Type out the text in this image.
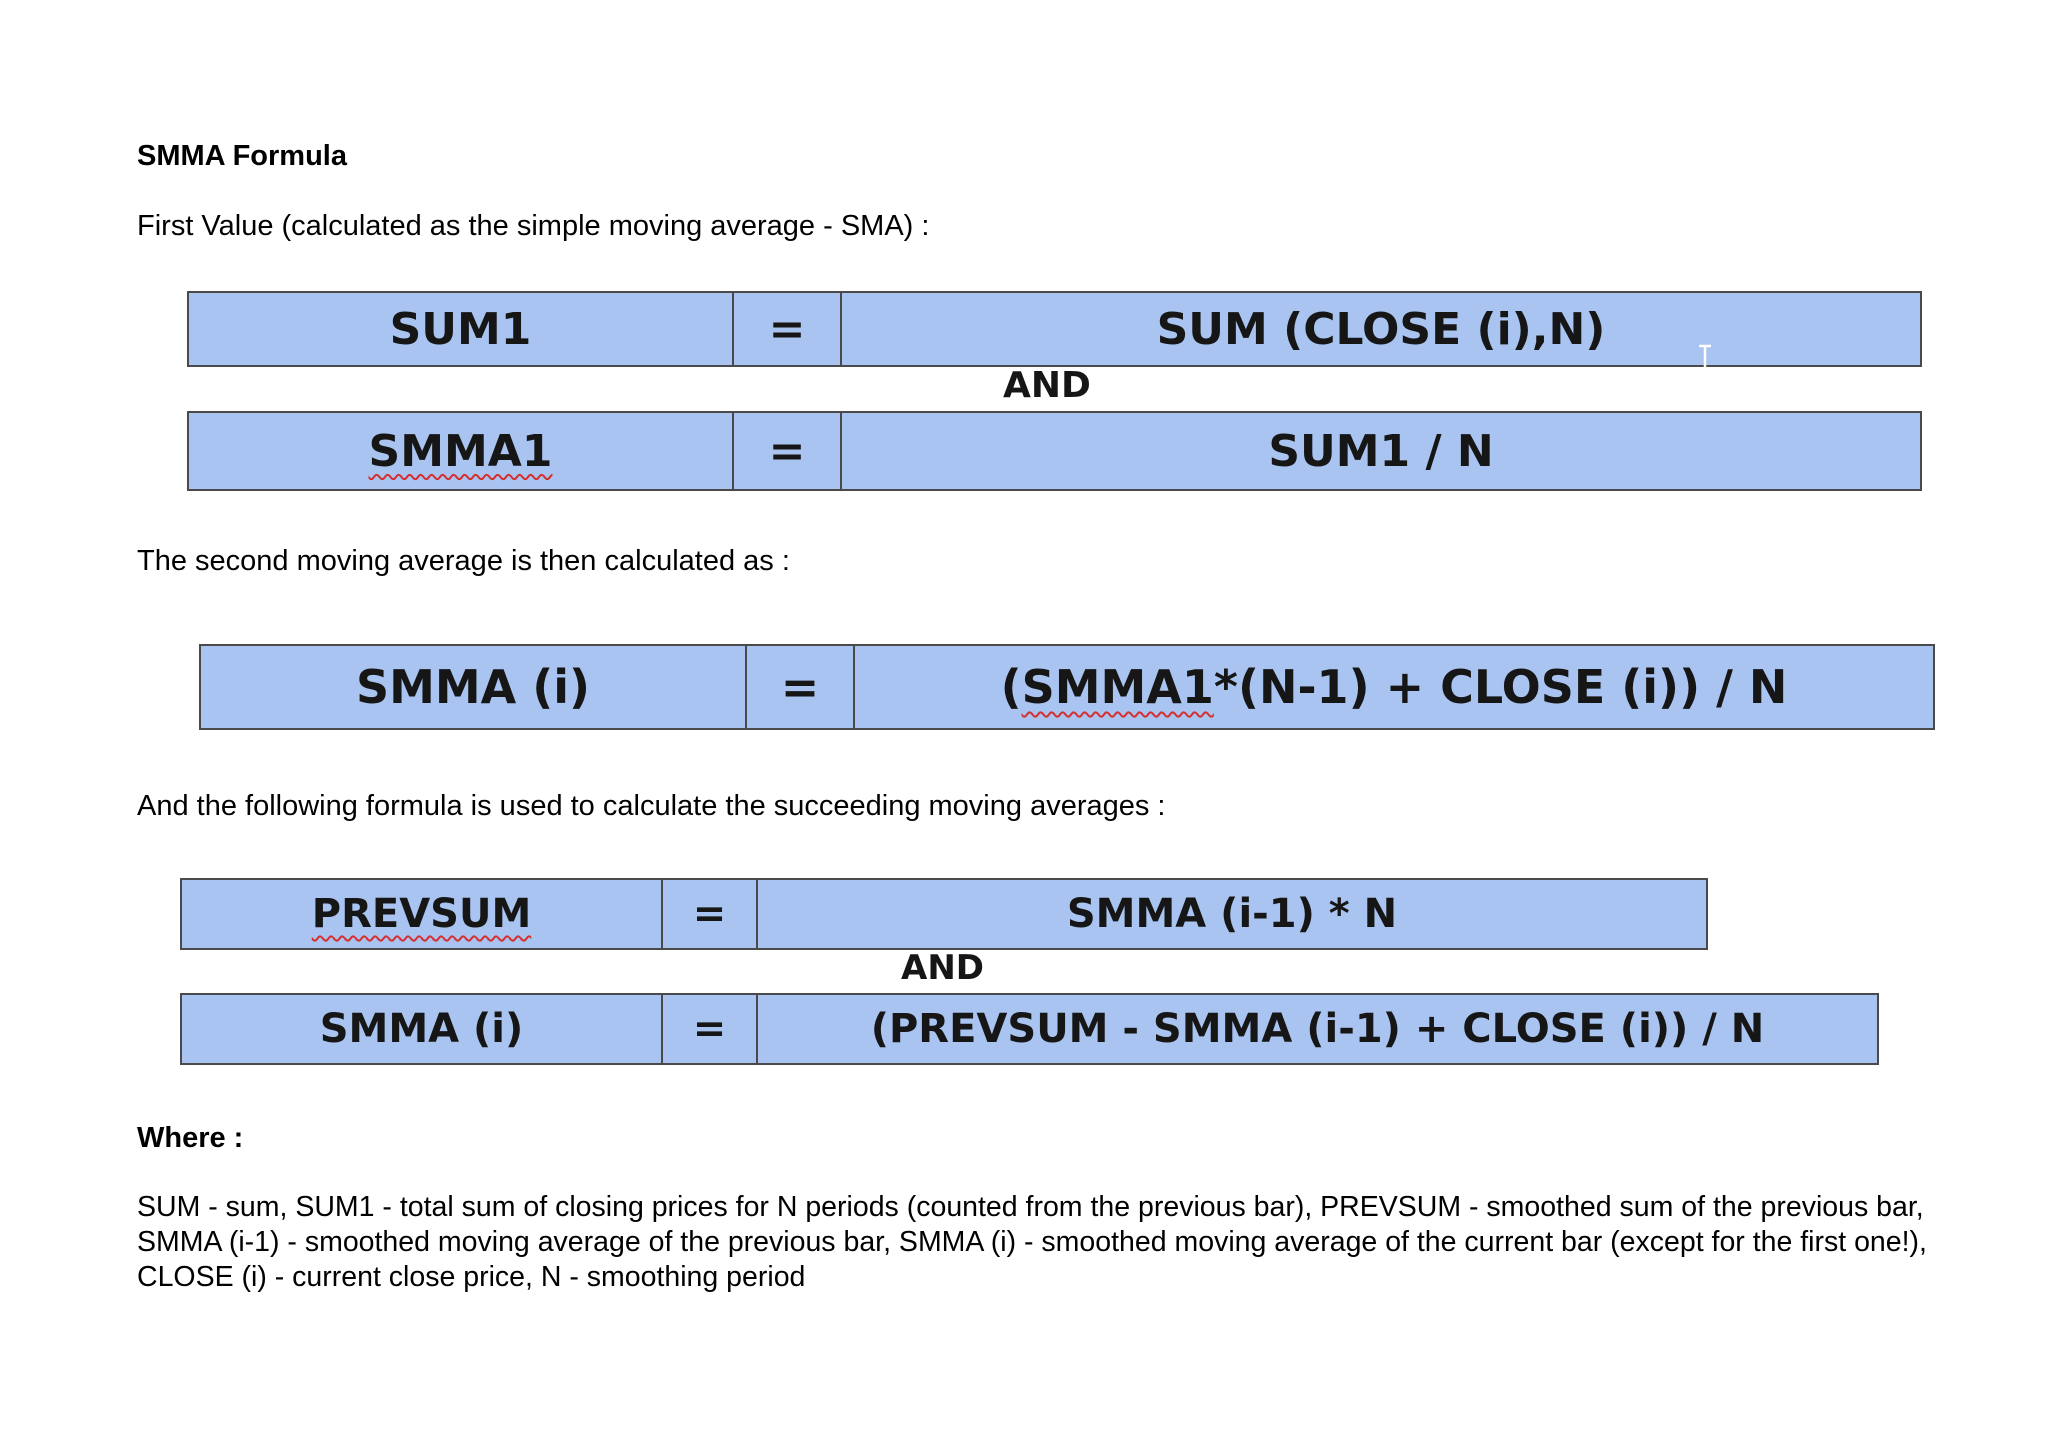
SMMA Formula

First Value (calculated as the simple moving average - SMA) :

SUM1	=	SUM (CLOSE (i),N)
AND
SMMA1	=	SUM1 / N

The second moving average is then calculated as :

SMMA (i)	=	( SMMA1 *(N-1) + CLOSE (i)) / N

And the following formula is used to calculate the succeeding moving averages :

PREVSUM	=	SMMA (i-1) * N
AND
SMMA (i)	=	(PREVSUM - SMMA (i-1) + CLOSE (i)) / N

Where :

SUM - sum, SUM1 - total sum of closing prices for N periods (counted from the previous bar), PREVSUM - smoothed sum of the previous bar, SMMA (i-1) - smoothed moving average of the previous bar, SMMA (i) - smoothed moving average of the current bar (except for the first one!), CLOSE (i) - current close price, N - smoothing period
